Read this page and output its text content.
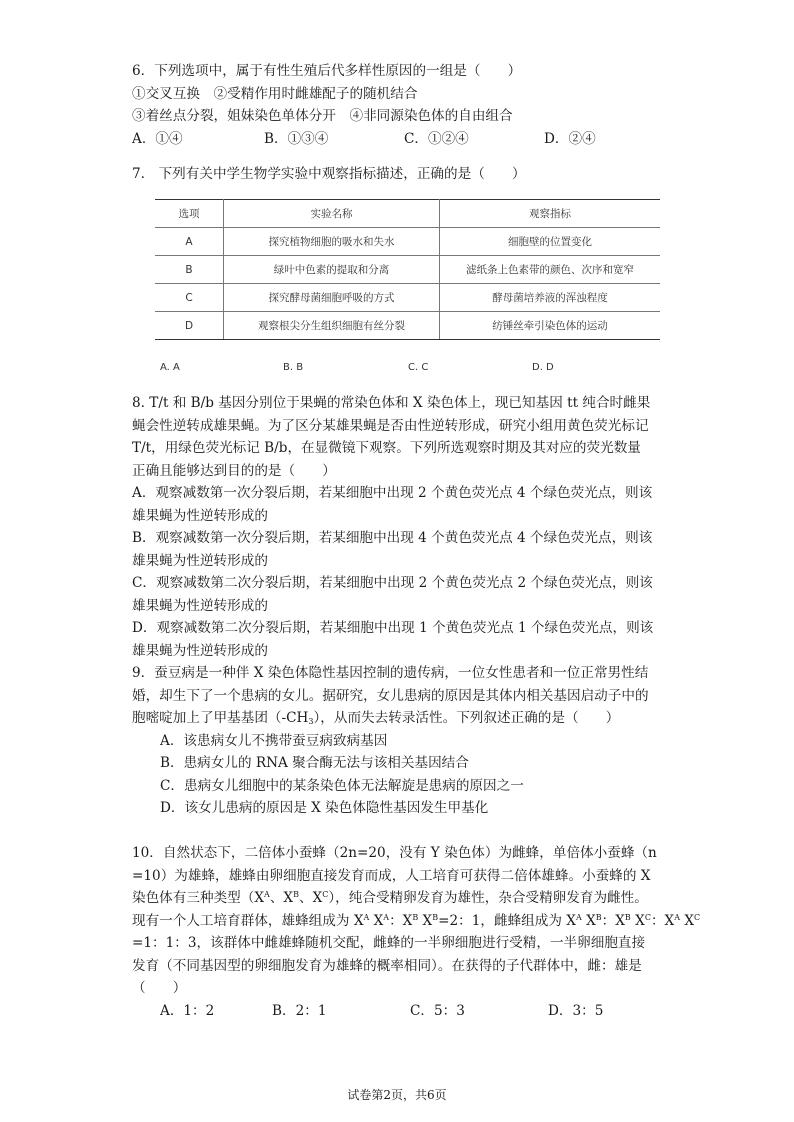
6．下列选项中，属于有性生殖后代多样性原因的一组是（　　）
①交叉互换　②受精作用时雌雄配子的随机结合
③着丝点分裂，姐妹染色单体分开　④非同源染色体的自由组合
A．①④	B．①③④	C．①②④	D．②④
7.　下列有关中学生物学实验中观察指标描述，正确的是（　　）
选项	实验名称	观察指标
A	探究植物细胞的吸水和失水	细胞壁的位置变化
B	绿叶中色素的提取和分离	滤纸条上色素带的颜色、次序和宽窄
C	探究酵母菌细胞呼吸的方式	酵母菌培养液的浑浊程度
D	观察根尖分生组织细胞有丝分裂	纺锤丝牵引染色体的运动
A. A	B. B	C. C	D. D
8. T/t 和 B/b 基因分别位于果蝇的常染色体和 X 染色体上，现已知基因 tt 纯合时雌果
蝇会性逆转成雄果蝇。为了区分某雄果蝇是否由性逆转形成，研究小组用黄色荧光标记
T/t，用绿色荧光标记 B/b，在显微镜下观察。下列所选观察时期及其对应的荧光数量
正确且能够达到目的的是（　　）
A．观察减数第一次分裂后期，若某细胞中出现 2 个黄色荧光点 4 个绿色荧光点，则该
雄果蝇为性逆转形成的
B．观察减数第一次分裂后期，若某细胞中出现 4 个黄色荧光点 4 个绿色荧光点，则该
雄果蝇为性逆转形成的
C．观察减数第二次分裂后期，若某细胞中出现 2 个黄色荧光点 2 个绿色荧光点，则该
雄果蝇为性逆转形成的
D．观察减数第二次分裂后期，若某细胞中出现 1 个黄色荧光点 1 个绿色荧光点，则该
雄果蝇为性逆转形成的
9．蚕豆病是一种伴 X 染色体隐性基因控制的遗传病，一位女性患者和一位正常男性结
婚，却生下了一个患病的女儿。据研究，女儿患病的原因是其体内相关基因启动子中的
胞嘧啶加上了甲基基团$(-CH_3)$，从而失去转录活性。下列叙述正确的是（　　）
A．该患病女儿不携带蚕豆病致病基因
B．患病女儿的 RNA 聚合酶无法与该相关基因结合
C．患病女儿细胞中的某条染色体无法解旋是患病的原因之一
D．该女儿患病的原因是 X 染色体隐性基因发生甲基化
10．自然状态下，二倍体小蚕蜂（2n=20，没有 Y 染色体）为雌蜂，单倍体小蚕蜂（n
=10）为雄蜂，雄蜂由卵细胞直接发育而成，人工培育可获得二倍体雄蜂。小蚕蜂的 X
染色体有三种类型（$X^A$、$X^B$、$X^C$），纯合受精卵发育为雄性，杂合受精卵发育为雌性。
现有一个人工培育群体，雄蜂组成为 $X^A$ $X^A$：$X^B$ $X^B=2$：1，雌蜂组成为 $X^A$ $X^B$：$X^B$ $X^C$：$X^A$ $X^C$
=1：1：3，该群体中雌雄蜂随机交配，雌蜂的一半卵细胞进行受精，一半卵细胞直接
发育（不同基因型的卵细胞发育为雄蜂的概率相同）。在获得的子代群体中，雌：雄是
（　　）
A．1：2	B．2：1	C．5：3	D．3：5
试卷第2页，共6页
